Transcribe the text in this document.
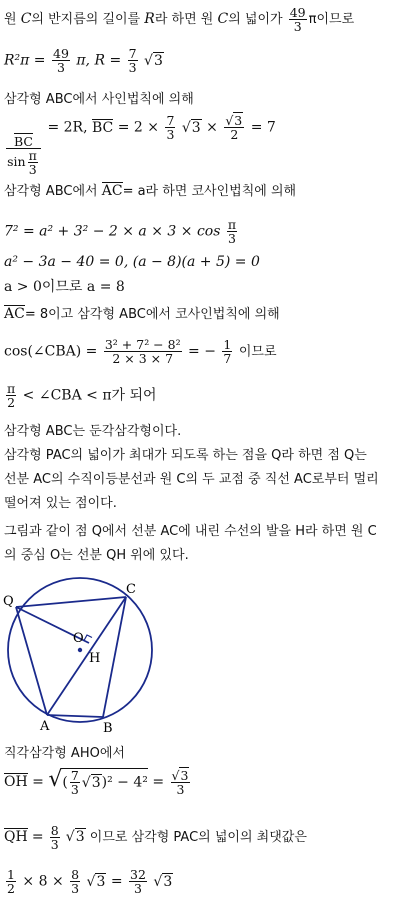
원 C의 반지름의 길이를 R라 하면 원 C의 넓이가 $\frac{49}{3}$ π이므로
$R^2\pi = \frac{49}{3} \pi$, $R = \frac{7}{3} √3$
삼각형 ABC에서 사인법칙에 의해
$\frac{BC}{\sin \frac{\pi}{3}}$
= 2R, BC = $2 \times \frac{7}{3} √3 \times \frac{√3}{2} = 7$
삼각형 ABC에서 AC= a라 하면 코사인법칙에 의해
$7^2 = a^2 + 3^2 - 2 \times a \times 3 \times \cos \frac{\pi}{3}$
a² − 3a − 40 = 0, (a − 8)(a + 5) = 0
a > 0이므로 a = 8
AC= 8이고 삼각형 ABC에서 코사인법칙에 의해
cos(∠CBA) = $\frac{\text{3² + 7² − 8²}}{2 \times 3 \times 7}$ = − $\frac{1}{7}$ 이므로
$\frac{\pi}{2}$ < ∠CBA < π가 되어
삼각형 ABC는 둔각삼각형이다.
삼각형 PAC의 넓이가 최대가 되도록 하는 점을 Q라 하면 점 Q는
선분 AC의 수직이등분선과 원 C의 두 교점 중 직선 AC로부터 멀리
떨어져 있는 점이다.
그림과 같이 점 Q에서 선분 AC에 내린 수선의 발을 H라 하면 원 C
의 중심 O는 선분 QH 위에 있다.
Q
C
O
H
A	B
직각삼각형 AHO에서
OH = √( $\frac{7}{3} √3)^2 - 4^2 = \frac{√3}{3}$
QH = $\frac{8}{3} √3$ 이므로 삼각형 PAC의 넓이의 최댓값은
$\frac{1}{2} \times 8 \times \frac{8}{3} √3 = \frac{32}{3} √3$
